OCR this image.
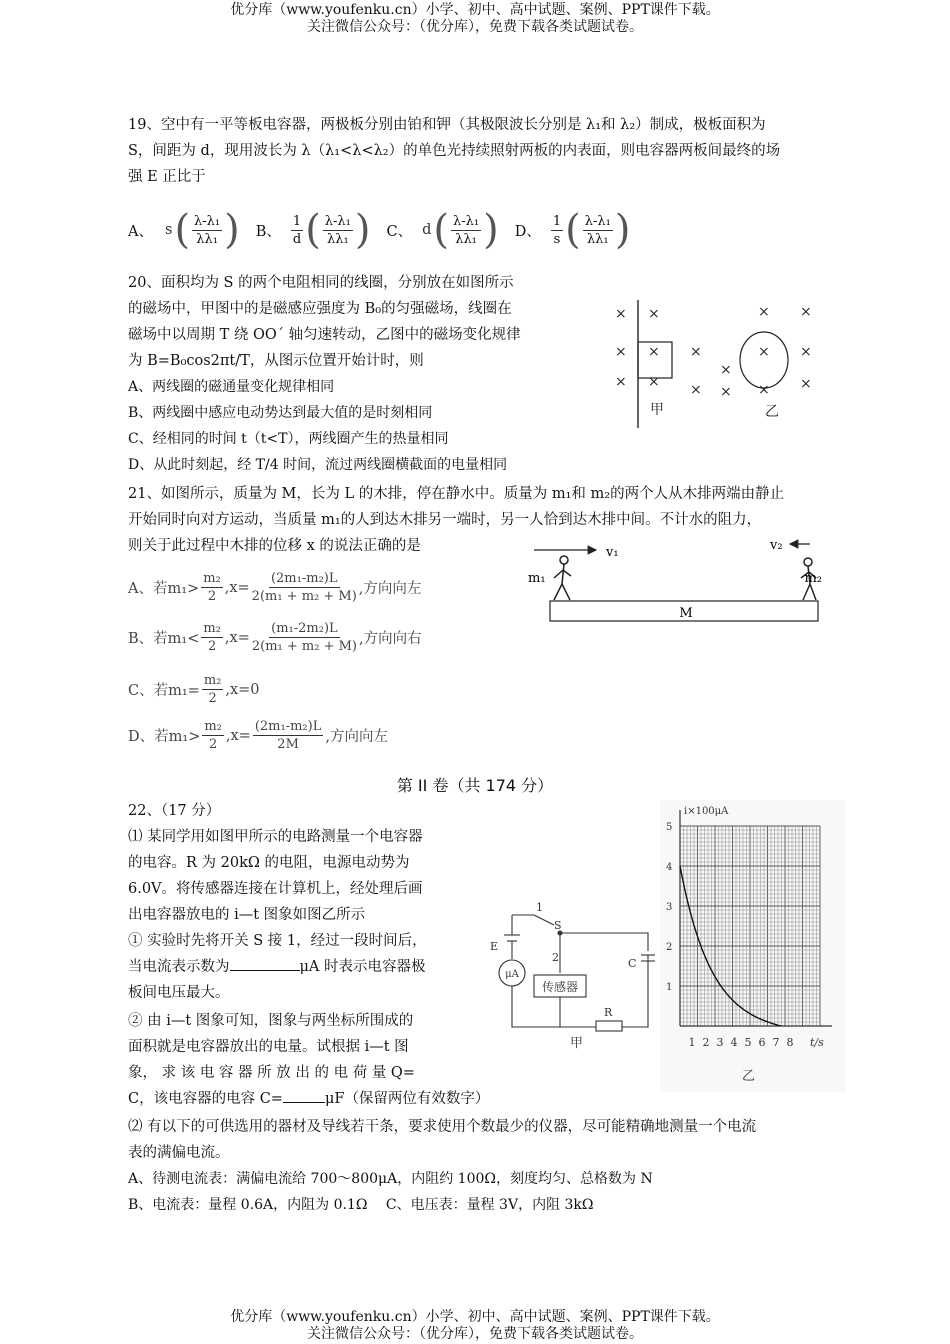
优分库（www.youfenku.cn）小学、初中、高中试题、案例、PPT课件下载。
关注微信公众号：（优分库），免费下载各类试题试卷。
19、空中有一平等板电容器，两极板分别由铂和钾（其极限波长分别是 λ₁和 λ₂）制成，极板面积为
S，间距为 d，现用波长为 λ（λ₁<λ<λ₂）的单色光持续照射两板的内表面，则电容器两板间最终的场
强 E 正比于
A、 s ( $\frac{\text{λ-λ₁}}{\text{λλ₁}}$ ) B、 $\frac{1}{d}$ ( $\frac{\text{λ-λ₁}}{\text{λλ₁}}$ ) C、 d ( $\frac{\text{λ-λ₁}}{\text{λλ₁}}$ ) D、 $\frac{1}{s}$ ( $\frac{\text{λ-λ₁}}{\text{λλ₁}}$ )
20、面积均为 S 的两个电阻相同的线圈，分别放在如图所示
的磁场中，甲图中的是磁感应强度为 B₀的匀强磁场，线圈在
磁场中以周期 T 绕 OO´ 轴匀速转动，乙图中的磁场变化规律
为 B=B₀cos2πt/T，从图示位置开始计时，则
A、两线圈的磁通量变化规律相同
B、两线圈中感应电动势达到最大值的是时刻相同
C、经相同的时间 t（t<T），两线圈产生的热量相同
D、从此时刻起，经 T/4 时间，流过两线圈横截面的电量相同
× ×
× × ×
× × ×
× ×
× ×
×
× × ×
甲	乙
21、如图所示，质量为 M，长为 L 的木排，停在静水中。质量为 m₁和 m₂的两个人从木排两端由静止
开始同时向对方运动，当质量 m₁的人到达木排另一端时，另一人恰到达木排中间。不计水的阻力，
则关于此过程中木排的位移 x 的说法正确的是
A、若$m_1> \frac{\text{m₂}}{2} ,x= \frac{\text{(2m₁-m₂)L}}{\text{2(m₁ + m₂ + M)}}$ ,方向向左
B、若$m_1< \frac{\text{m₂}}{2} ,x= \frac{\text{(m₁-2m₂)L}}{\text{2(m₁ + m₂ + M)}}$ ,方向向右
C、若$m_1= \frac{\text{m₂}}{2} ,x=0$
D、若$m_1> \frac{\text{m₂}}{2} ,x= \frac{\text{(2m₁-m₂)L}}{2M}$ ,方向向左
v₁	v₂
m₁	m₂
M
第 II 卷（共 174 分）
22、（17 分）
⑴ 某同学用如图甲所示的电路测量一个电容器
的电容。R 为 20kΩ 的电阻，电源电动势为
6.0V。将传感器连接在计算机上，经处理后画
出电容器放电的 i—t 图象如图乙所示
① 实验时先将开关 S 接 1，经过一段时间后，
当电流表示数为	μA 时表示电容器极
板间电压最大。
② 由 i—t 图象可知，图象与两坐标所围成的
面积就是电容器放出的电量。试根据 i—t 图
象， 求 该 电 容 器 所 放 出 的 电 荷 量 Q=
C，该电容器的电容 C=	μF（保留两位有效数字）
⑵ 有以下的可供选用的器材及导线若干条，要求使用个数最少的仪器，尽可能精确地测量一个电流
表的满偏电流。
A、待测电流表：满偏电流给 700～800μA，内阻约 100Ω，刻度均匀、总格数为 N
B、电流表：量程 0.6A，内阻为 0.1Ω　 C、电压表：量程 3V，内阻 3kΩ
E
1
S
2	C
μA
传感器
R
甲
i×100μA
t/s
1
2
3
4
5
1 2 3 4 5 6 7 8
乙
优分库（www.youfenku.cn）小学、初中、高中试题、案例、PPT课件下载。
关注微信公众号：（优分库），免费下载各类试题试卷。
